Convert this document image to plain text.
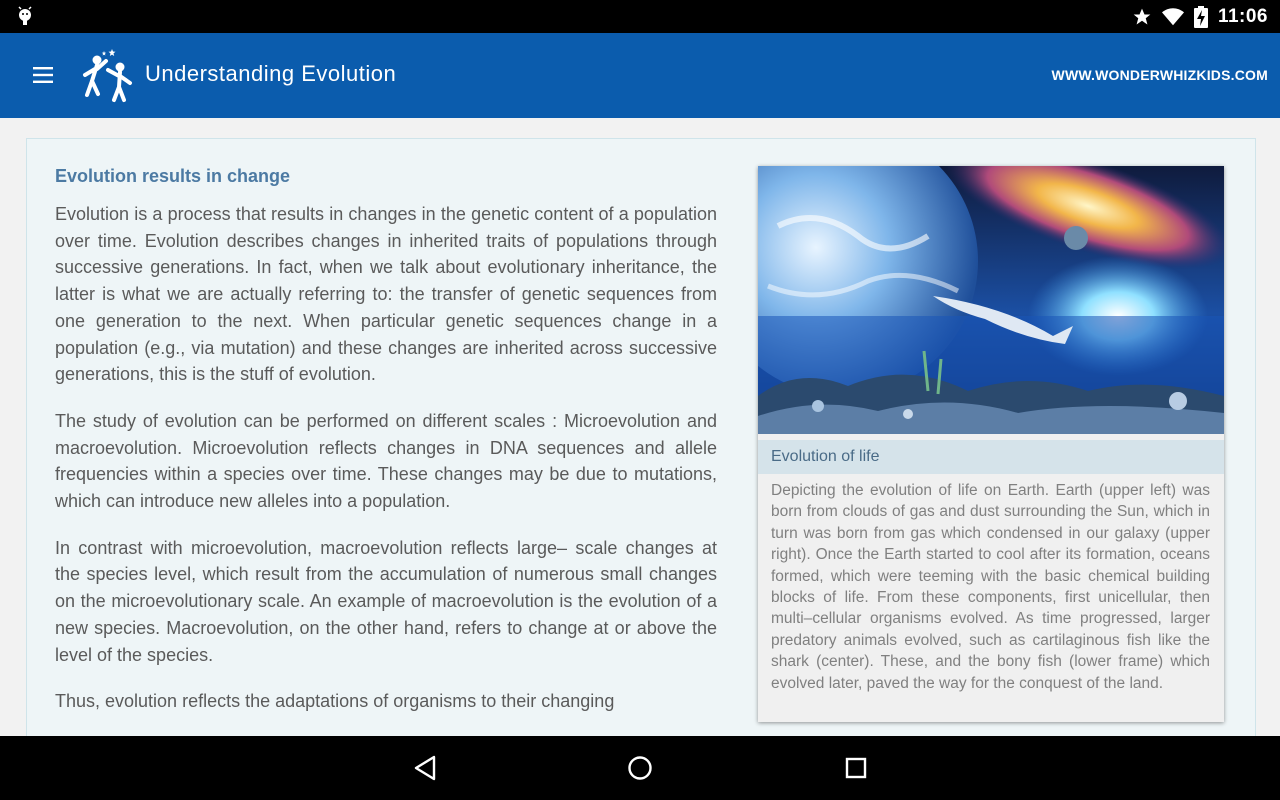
11:06
Understanding Evolution	WWW.WONDERWHIZKIDS.COM
Evolution results in change

Evolution is a process that results in changes in the genetic content of a population over time. Evolution describes changes in inherited traits of populations through successive generations. In fact, when we talk about evolutionary inheritance, the latter is what we are actually referring to: the transfer of genetic sequences from one generation to the next. When particular genetic sequences change in a population (e.g., via mutation) and these changes are inherited across successive generations, this is the stuff of evolution.

The study of evolution can be performed on different scales : Microevolution and macroevolution. Microevolution reflects changes in DNA sequences and allele frequencies within a species over time. These changes may be due to mutations, which can introduce new alleles into a population.

In contrast with microevolution, macroevolution reflects large– scale changes at the species level, which result from the accumulation of numerous small changes on the microevolutionary scale. An example of macroevolution is the evolution of a new species. Macroevolution, on the other hand, refers to change at or above the level of the species.

Thus, evolution reflects the adaptations of organisms to their changing

Evolution of life
Depicting the evolution of life on Earth. Earth (upper left) was born from clouds of gas and dust surrounding the Sun, which in turn was born from gas which condensed in our galaxy (upper right). Once the Earth started to cool after its formation, oceans formed, which were teeming with the basic chemical building blocks of life. From these components, first unicellular, then multi–cellular organisms evolved. As time progressed, larger predatory animals evolved, such as cartilaginous fish like the shark (center). These, and the bony fish (lower frame) which evolved later, paved the way for the conquest of the land.
